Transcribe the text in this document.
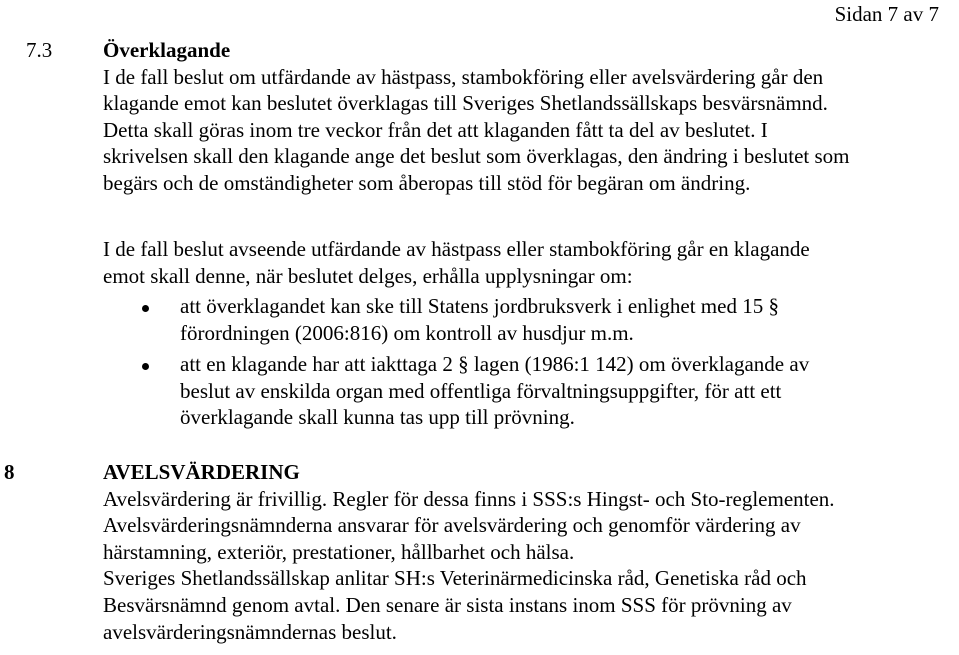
Sidan 7 av 7
7.3 Överklagande
I de fall beslut om utfärdande av hästpass, stambokföring eller avelsvärdering går den
klagande emot kan beslutet överklagas till Sveriges Shetlandssällskaps besvärsnämnd.
Detta skall göras inom tre veckor från det att klaganden fått ta del av beslutet. I
skrivelsen skall den klagande ange det beslut som överklagas, den ändring i beslutet som
begärs och de omständigheter som åberopas till stöd för begäran om ändring.
I de fall beslut avseende utfärdande av hästpass eller stambokföring går en klagande
emot skall denne, när beslutet delges, erhålla upplysningar om:
att överklagandet kan ske till Statens jordbruksverk i enlighet med 15 §
förordningen (2006:816) om kontroll av husdjur m.m.
att en klagande har att iakttaga 2 § lagen (1986:1 142) om överklagande av
beslut av enskilda organ med offentliga förvaltningsuppgifter, för att ett
överklagande skall kunna tas upp till prövning.
8	AVELSVÄRDERING
Avelsvärdering är frivillig. Regler för dessa finns i SSS:s Hingst- och Sto-reglementen.
Avelsvärderingsnämnderna ansvarar för avelsvärdering och genomför värdering av
härstamning, exteriör, prestationer, hållbarhet och hälsa.
Sveriges Shetlandssällskap anlitar SH:s Veterinärmedicinska råd, Genetiska råd och
Besvärsnämnd genom avtal. Den senare är sista instans inom SSS för prövning av
avelsvärderingsnämndernas beslut.
